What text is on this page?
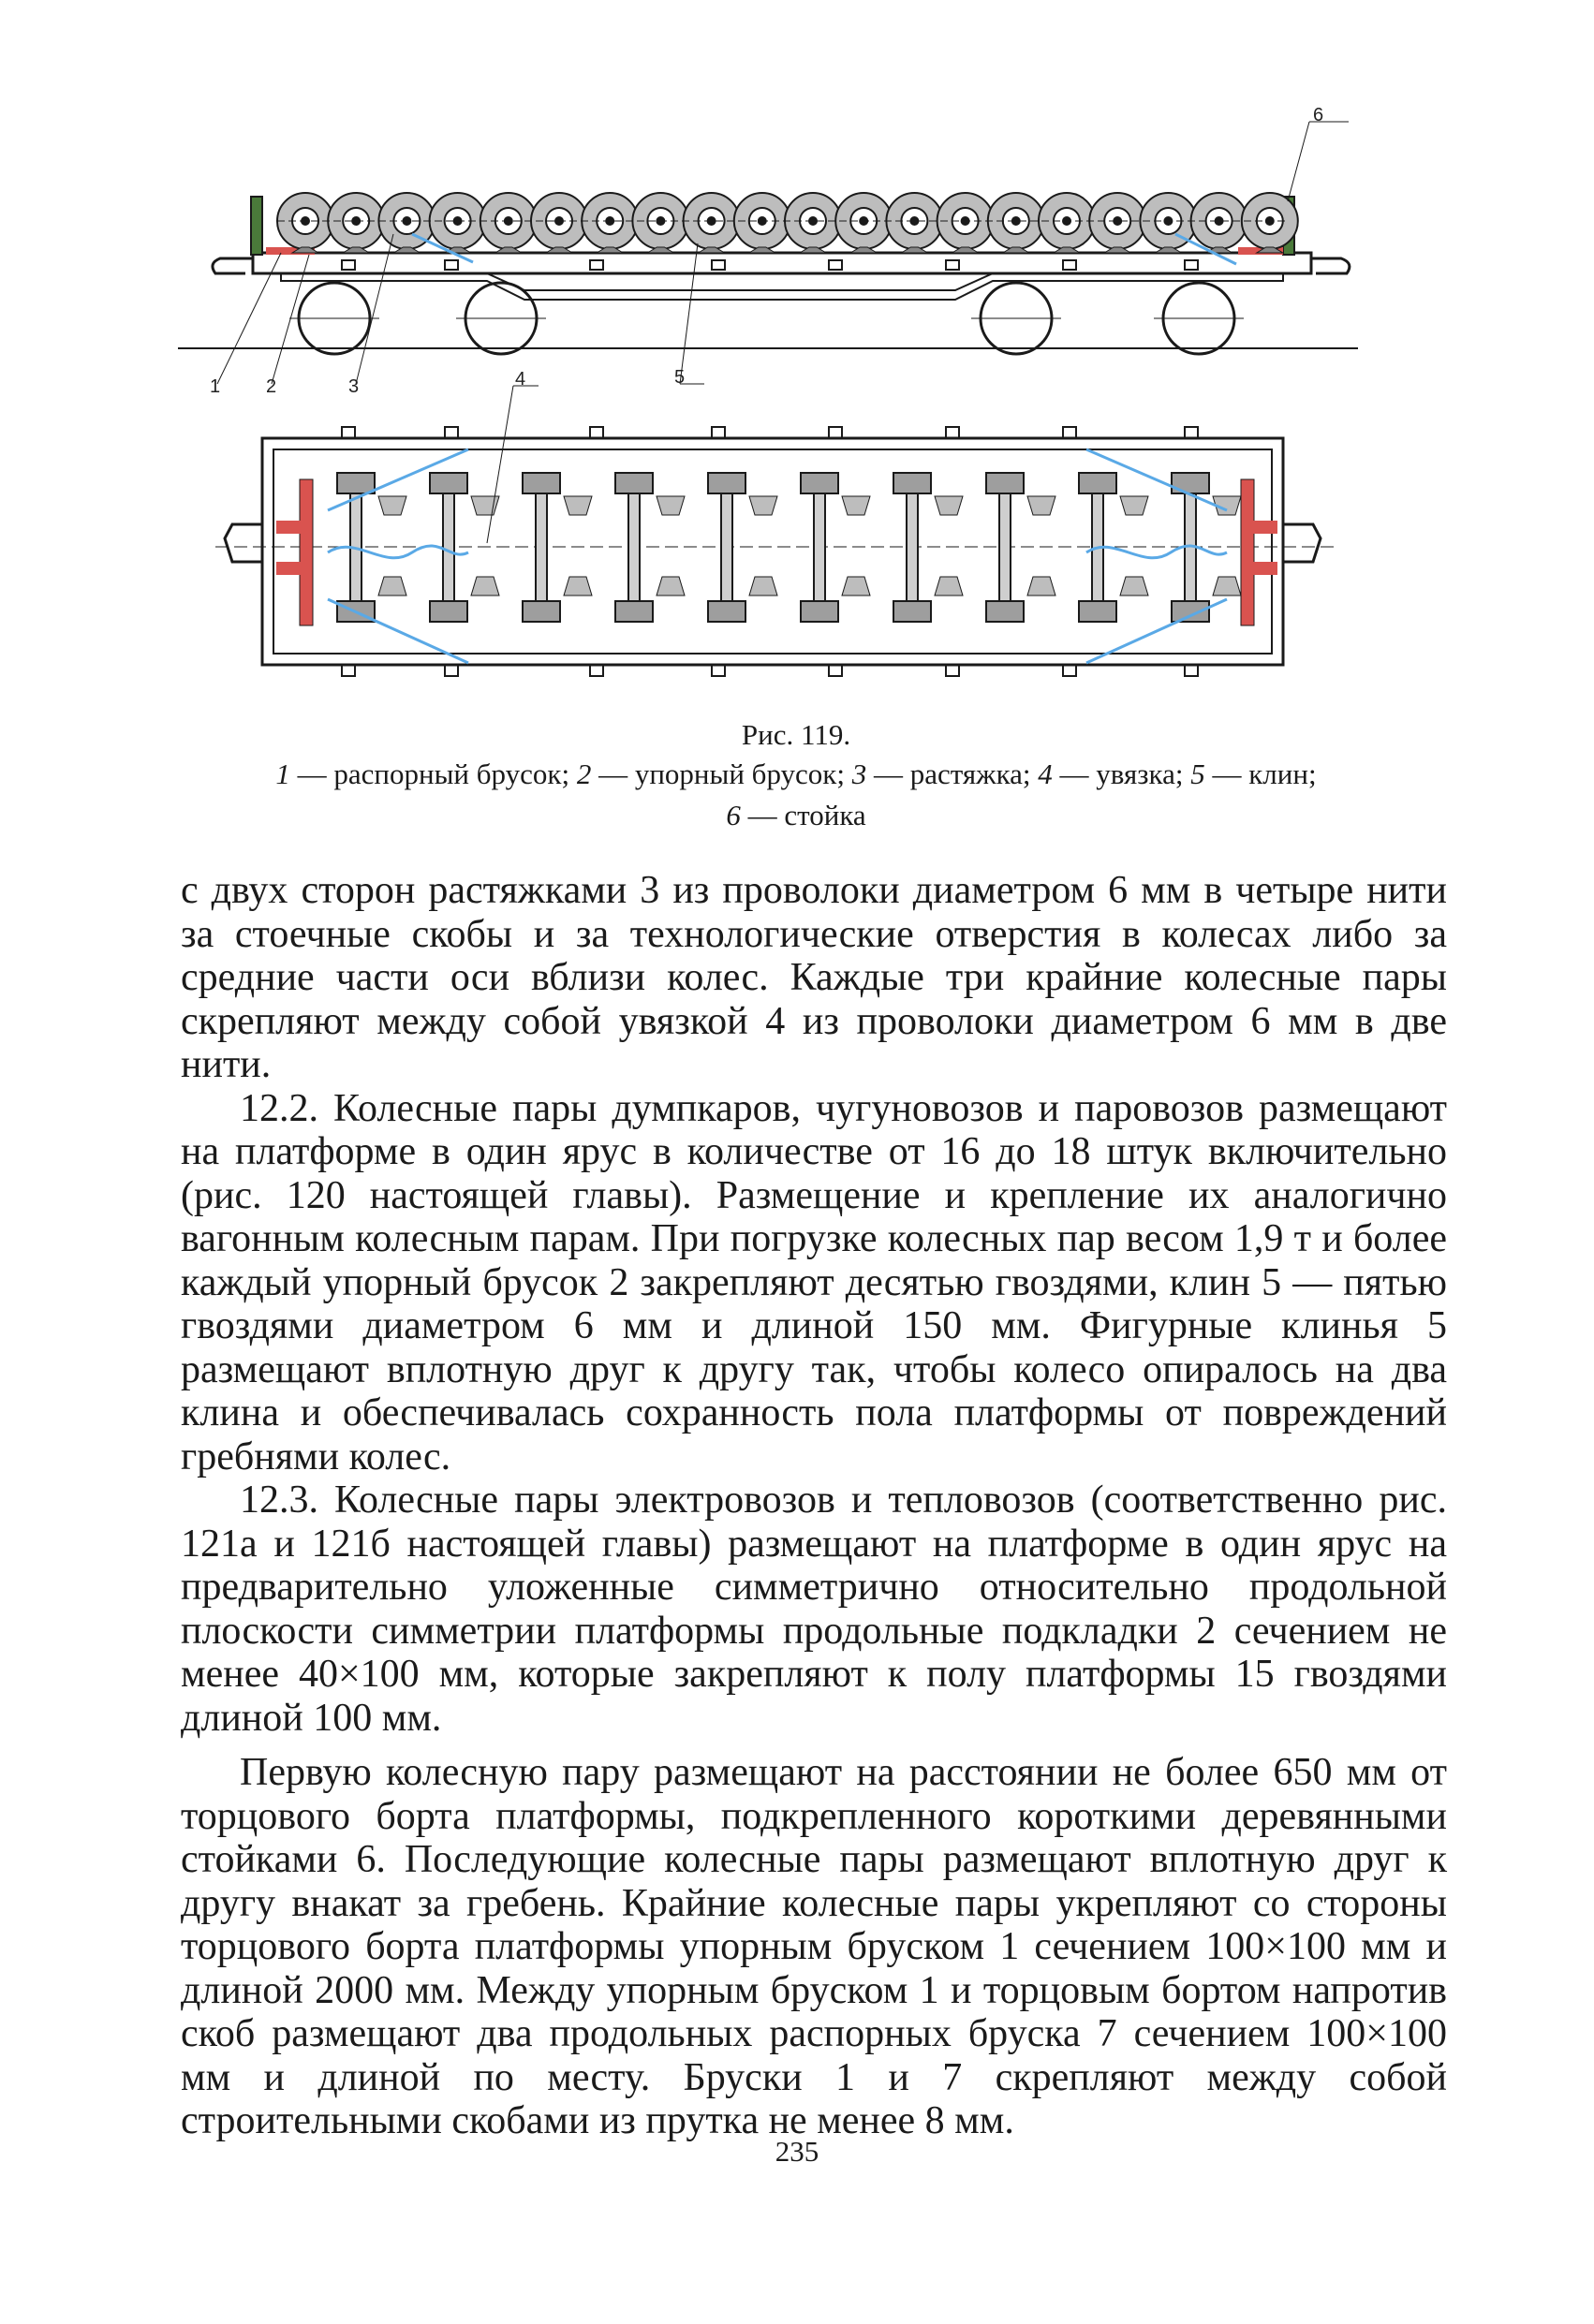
1 2	3	4	5
6
Рис. 119.
1 — распорный брусок; 2 — упорный брусок; 3 — растяжка; 4 — увязка; 5 — клин;
6 — стойка

с двух сторон растяжками 3 из проволоки диаметром 6 мм в четыре нити за стоечные скобы и за технологические отверстия в колесах либо за средние части оси вблизи колес. Каждые три крайние колесные пары скрепляют между собой увязкой 4 из проволоки диаметром 6 мм в две нити.

12.2. Колесные пары думпкаров, чугуновозов и паровозов размещают на платформе в один ярус в количестве от 16 до 18 штук включительно (рис. 120 настоящей главы). Размещение и крепление их аналогично вагонным колесным парам. При погрузке колесных пар весом 1,9 т и более каждый упорный брусок 2 закрепляют десятью гвоздями, клин 5 — пятью гвоздями диаметром 6 мм и длиной 150 мм. Фигурные клинья 5 размещают вплотную друг к другу так, чтобы колесо опиралось на два клина и обеспечивалась сохранность пола платформы от повреждений гребнями колес.

12.3. Колесные пары электровозов и тепловозов (соответственно рис. 121а и 121б настоящей главы) размещают на платформе в один ярус на предварительно уложенные симметрично относительно продольной плоскости симметрии платформы продольные подкладки 2 сечением не менее 40×100 мм, которые закрепляют к полу платформы 15 гвоздями длиной 100 мм.

Первую колесную пару размещают на расстоянии не более 650 мм от торцового борта платформы, подкрепленного короткими деревянными стойками 6. Последующие колесные пары размещают вплотную друг к другу внакат за гребень. Крайние колесные пары укрепляют со стороны торцового борта платформы упорным бруском 1 сечением 100×100 мм и длиной 2000 мм. Между упорным бруском 1 и торцовым бортом напротив скоб размещают два продольных распорных бруска 7 сечением 100×100 мм и длиной по месту. Бруски 1 и 7 скрепляют между собой строительными скобами из прутка не менее 8 мм.

235
